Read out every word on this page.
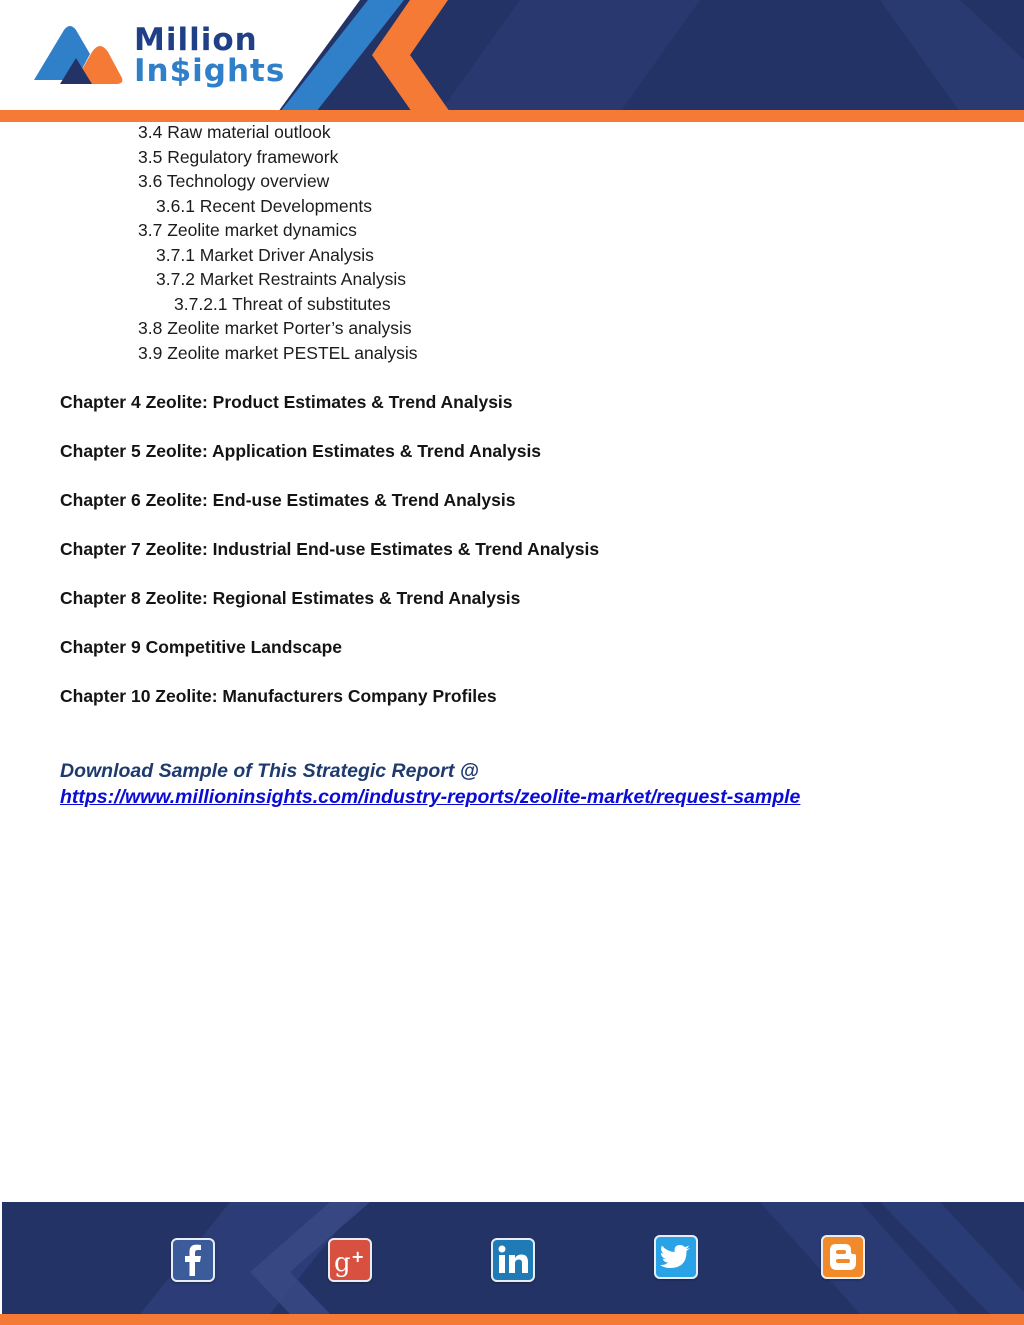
Million
In$ights
3.4 Raw material outlook
3.5 Regulatory framework
3.6 Technology overview
3.6.1 Recent Developments
3.7 Zeolite market dynamics
3.7.1 Market Driver Analysis
3.7.2 Market Restraints Analysis
3.7.2.1 Threat of substitutes
3.8 Zeolite market Porter’s analysis
3.9 Zeolite market PESTEL analysis
Chapter 4 Zeolite: Product Estimates & Trend Analysis
Chapter 5 Zeolite: Application Estimates & Trend Analysis
Chapter 6 Zeolite: End-use Estimates & Trend Analysis
Chapter 7 Zeolite: Industrial End-use Estimates & Trend Analysis
Chapter 8 Zeolite: Regional Estimates & Trend Analysis
Chapter 9 Competitive Landscape
Chapter 10 Zeolite: Manufacturers Company Profiles
Download Sample of This Strategic Report @
https://www.millioninsights.com/industry-reports/zeolite-market/request-sample
g +
